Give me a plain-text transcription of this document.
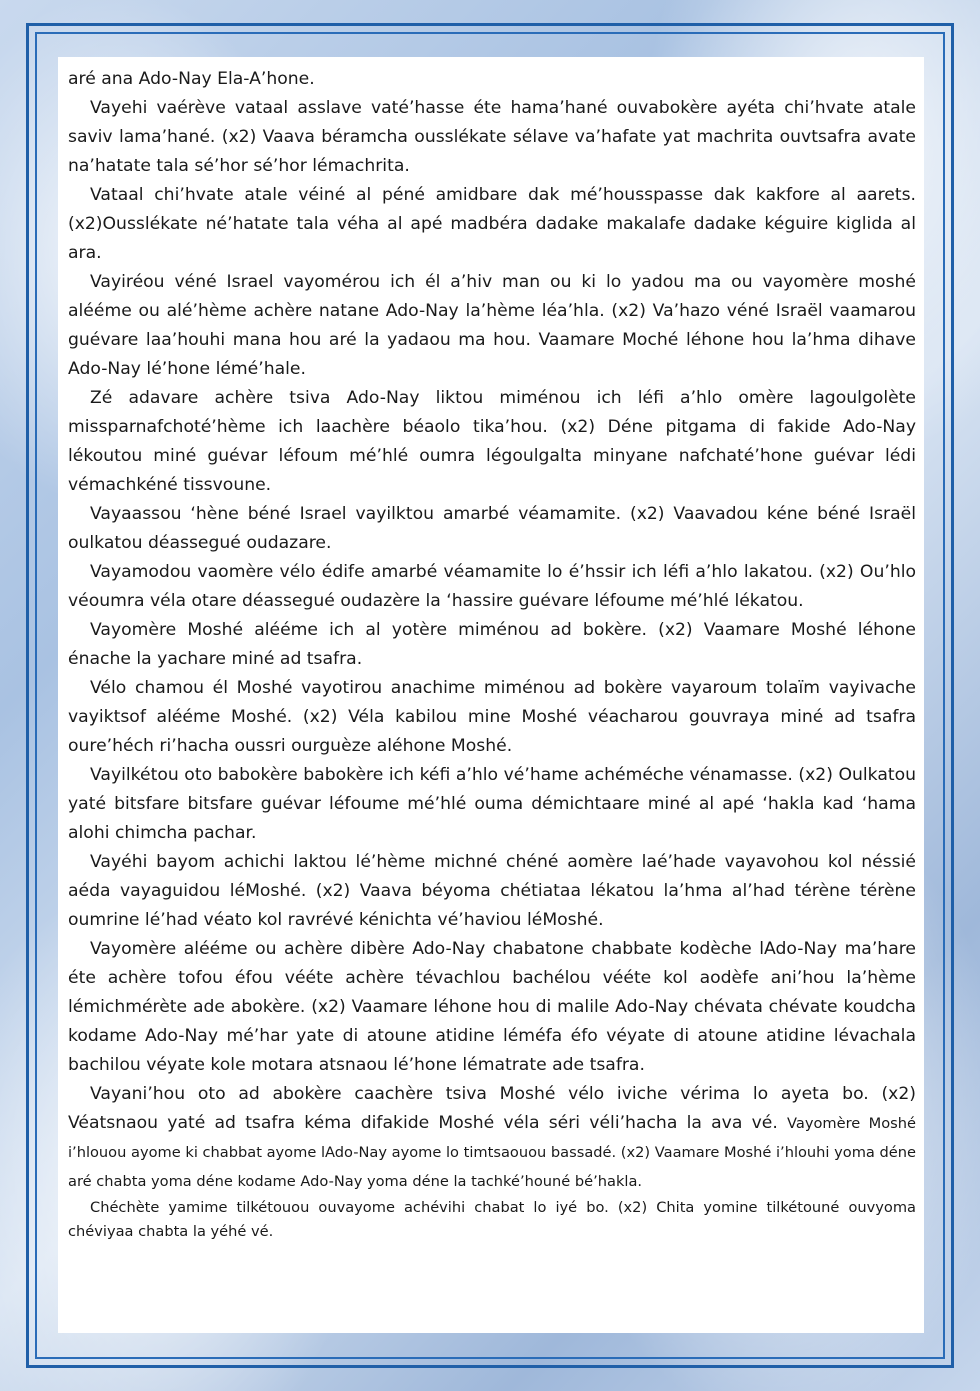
aré ana Ado-Nay Ela-A’hone.

Vayehi vaérève vataal asslave vaté’hasse éte hama’hané ouvabokère ayéta chi’hvate atale saviv lama’hané. (x2) Vaava béramcha ousslékate sélave va’hafate yat machrita ouvtsafra avate na’hatate tala sé’hor sé’hor lémachrita.

Vataal chi’hvate atale véiné al péné amidbare dak mé’housspasse dak kakfore al aarets. (x2)Ousslékate né’hatate tala véha al apé madbéra dadake makalafe dadake kéguire kiglida al ara.

Vayiréou véné Israel vayomérou ich él a’hiv man ou ki lo yadou ma ou vayomère moshé alééme ou alé’hème achère natane Ado-Nay la’hème léa’hla. (x2) Va’hazo véné Israël vaamarou guévare laa’houhi mana hou aré la yadaou ma hou. Vaamare Moché léhone hou la’hma dihave Ado-Nay lé’hone lémé’hale.

Zé adavare achère tsiva Ado-Nay liktou miménou ich léfi a’hlo omère lagoulgolète missparnafchoté’hème ich laachère béaolo tika’hou. (x2) Déne pitgama di fakide Ado-Nay lékoutou miné guévar léfoum mé’hlé oumra légoulgalta minyane nafchaté’hone guévar lédi vémachkéné tissvoune.

Vayaassou ‘hène béné Israel vayilktou amarbé véamamite. (x2) Vaavadou kéne béné Israël oulkatou déassegué oudazare.

Vayamodou vaomère vélo édife amarbé véamamite lo é’hssir ich léfi a’hlo lakatou. (x2) Ou’hlo véoumra véla otare déassegué oudazère la ‘hassire guévare léfoume mé’hlé lékatou.

Vayomère Moshé alééme ich al yotère miménou ad bokère. (x2) Vaamare Moshé léhone énache la yachare miné ad tsafra.

Vélo chamou él Moshé vayotirou anachime miménou ad bokère vayaroum tolaïm vayivache vayiktsof alééme Moshé. (x2) Véla kabilou mine Moshé véacharou gouvraya miné ad tsafra oure’héch ri’hacha oussri ourguèze aléhone Moshé.

Vayilkétou oto babokère babokère ich kéfi a’hlo vé’hame achéméche vénamasse. (x2) Oulkatou yaté bitsfare bitsfare guévar léfoume mé’hlé ouma démichtaare miné al apé ‘hakla kad ‘hama alohi chimcha pachar.

Vayéhi bayom achichi laktou lé’hème michné chéné aomère laé’hade vayavohou kol néssié aéda vayaguidou léMoshé. (x2) Vaava béyoma chétiataa lékatou la’hma al’had térène térène oumrine lé’had véato kol ravrévé kénichta vé’haviou léMoshé.

Vayomère alééme ou achère dibère Ado-Nay chabatone chabbate kodèche lAdo-Nay ma’hare éte achère tofou éfou vééte achère tévachlou bachélou vééte kol aodèfe ani’hou la’hème lémichmérète ade abokère. (x2) Vaamare léhone hou di malile Ado-Nay chévata chévate koudcha kodame Ado-Nay mé’har yate di atoune atidine léméfa éfo véyate di atoune atidine lévachala bachilou véyate kole motara atsnaou lé’hone lématrate ade tsafra.

Vayani’hou oto ad abokère caachère tsiva Moshé vélo iviche vérima lo ayeta bo. (x2) Véatsnaou yaté ad tsafra kéma difakide Moshé véla séri véli’hacha la ava vé. Vayomère Moshé i’hlouou ayome ki chabbat ayome lAdo-Nay ayome lo timtsaouou bassadé. (x2) Vaamare Moshé i’hlouhi yoma déne aré chabta yoma déne kodame Ado-Nay yoma déne la tachké’houné bé’hakla.

Chéchète yamime tilkétouou ouvayome achévihi chabat lo iyé bo. (x2) Chita yomine tilkétouné ouvyoma chéviyaa chabta la yéhé vé.
